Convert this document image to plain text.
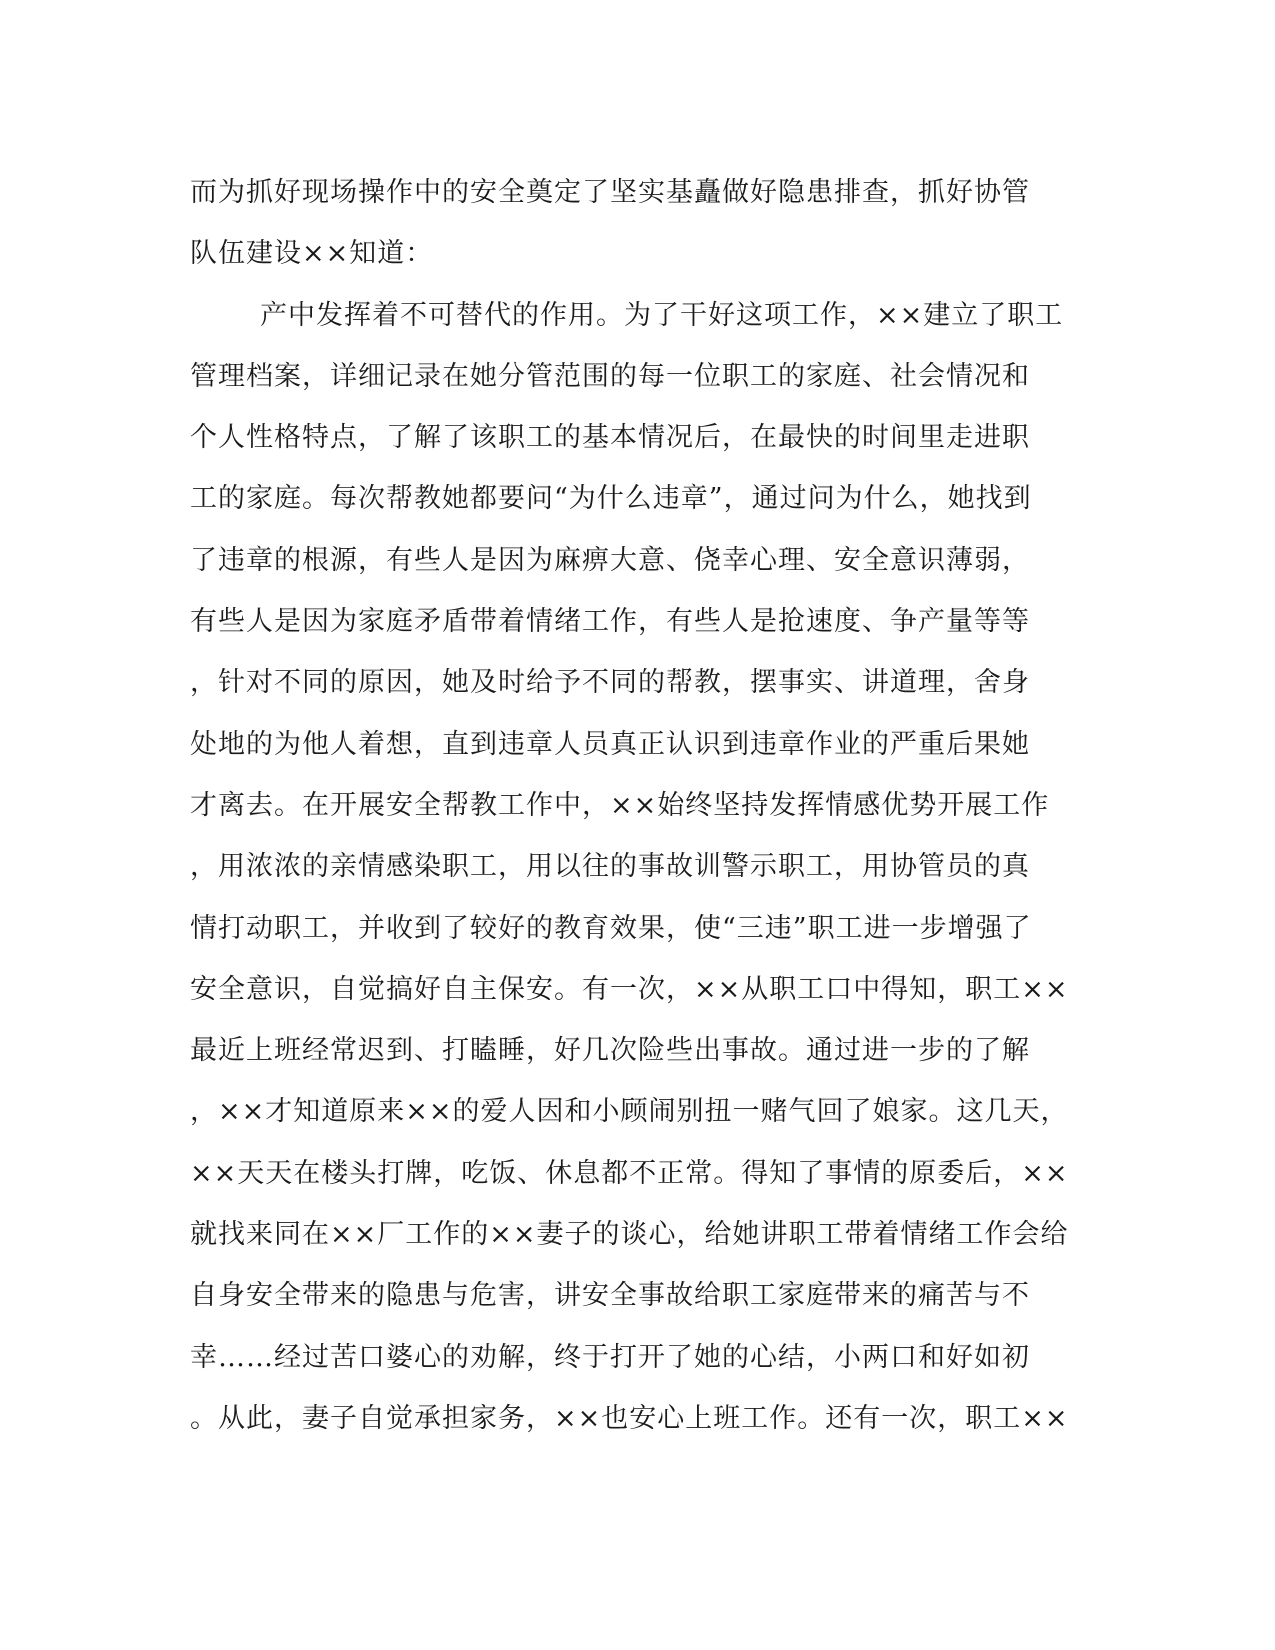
而为抓好现场操作中的安全奠定了坚实基矗做好隐患排查，抓好协管
队伍建设××知道：
产中发挥着不可替代的作用。为了干好这项工作，××建立了职工
管理档案，详细记录在她分管范围的每一位职工的家庭、社会情况和
个人性格特点，了解了该职工的基本情况后，在最快的时间里走进职
工的家庭。每次帮教她都要问“为什么违章”，通过问为什么，她找到
了违章的根源，有些人是因为麻痹大意、侥幸心理、安全意识薄弱，
有些人是因为家庭矛盾带着情绪工作，有些人是抢速度、争产量等等
，针对不同的原因，她及时给予不同的帮教，摆事实、讲道理，舍身
处地的为他人着想，直到违章人员真正认识到违章作业的严重后果她
才离去。在开展安全帮教工作中，××始终坚持发挥情感优势开展工作
，用浓浓的亲情感染职工，用以往的事故训警示职工，用协管员的真
情打动职工，并收到了较好的教育效果，使“三违”职工进一步增强了
安全意识，自觉搞好自主保安。有一次，××从职工口中得知，职工××
最近上班经常迟到、打瞌睡，好几次险些出事故。通过进一步的了解
，××才知道原来××的爱人因和小顾闹别扭一赌气回了娘家。这几天，
××天天在楼头打牌，吃饭、休息都不正常。得知了事情的原委后，××
就找来同在××厂工作的××妻子的谈心，给她讲职工带着情绪工作会给
自身安全带来的隐患与危害，讲安全事故给职工家庭带来的痛苦与不
幸……经过苦口婆心的劝解，终于打开了她的心结，小两口和好如初
。从此，妻子自觉承担家务，××也安心上班工作。还有一次，职工××
